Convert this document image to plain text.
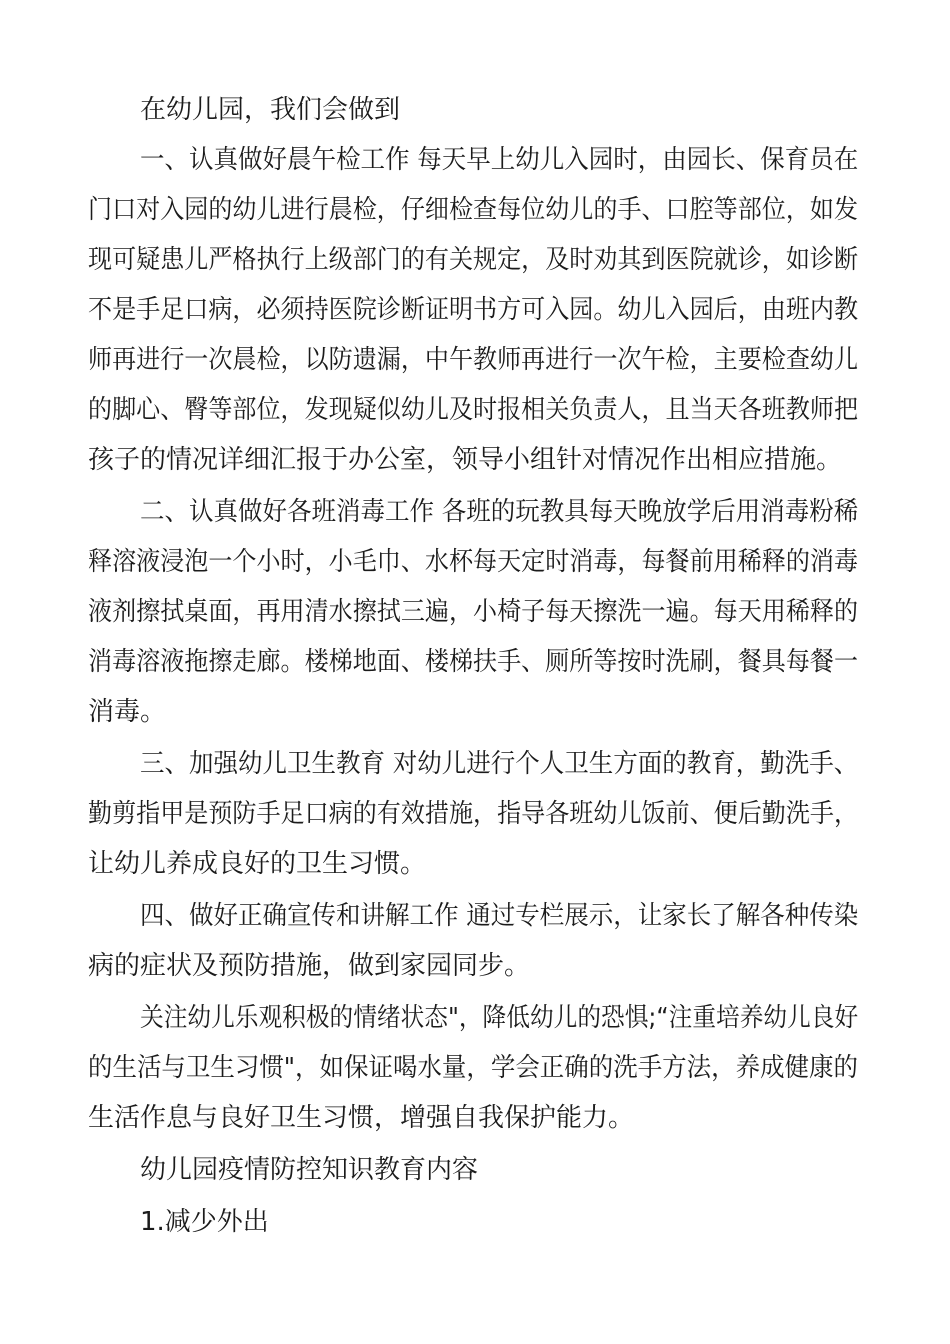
在幼儿园，我们会做到
一、认真做好晨午检工作 每天早上幼儿入园时，由园长、保育员在
门口对入园的幼儿进行晨检，仔细检查每位幼儿的手、口腔等部位，如发
现可疑患儿严格执行上级部门的有关规定，及时劝其到医院就诊，如诊断
不是手足口病，必须持医院诊断证明书方可入园。幼儿入园后，由班内教
师再进行一次晨检，以防遗漏，中午教师再进行一次午检，主要检查幼儿
的脚心、臀等部位，发现疑似幼儿及时报相关负责人，且当天各班教师把
孩子的情况详细汇报于办公室，领导小组针对情况作出相应措施。
二、认真做好各班消毒工作 各班的玩教具每天晚放学后用消毒粉稀
释溶液浸泡一个小时，小毛巾、水杯每天定时消毒，每餐前用稀释的消毒
液剂擦拭桌面，再用清水擦拭三遍，小椅子每天擦洗一遍。每天用稀释的
消毒溶液拖擦走廊。楼梯地面、楼梯扶手、厕所等按时洗刷，餐具每餐一
消毒。
三、加强幼儿卫生教育 对幼儿进行个人卫生方面的教育，勤洗手、
勤剪指甲是预防手足口病的有效措施，指导各班幼儿饭前、便后勤洗手，
让幼儿养成良好的卫生习惯。
四、做好正确宣传和讲解工作 通过专栏展示，让家长了解各种传染
病的症状及预防措施，做到家园同步。
关注幼儿乐观积极的情绪状态"，降低幼儿的恐惧;“注重培养幼儿良好
的生活与卫生习惯"，如保证喝水量，学会正确的洗手方法，养成健康的
生活作息与良好卫生习惯，增强自我保护能力。
幼儿园疫情防控知识教育内容
1.减少外出
